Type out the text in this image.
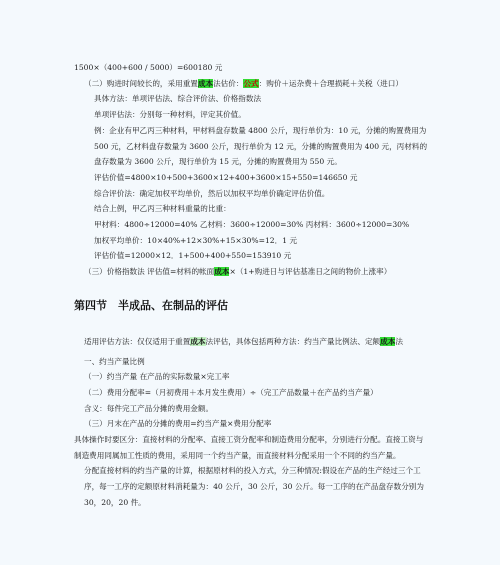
1500×（400+600 / 5000）=600180 元
（二）购进时间较长的，采用重置成本法估价：公式：购价＋运杂费＋合理损耗＋关税（进口）
具体方法：单项评估法、综合评价法、价格指数法
单项评估法：分别每一种材料，评定其价值。
例：企业有甲乙丙三种材料，甲材料盘存数量 4800 公斤，现行单价为：10 元，分摊的购置费用为 500 元，乙材料盘存数量为 3600 公斤，现行单价为 12 元，分摊的购置费用为 400 元，丙材料的盘存数量为 3600 公斤，现行单价为 15 元，分摊的购置费用为 550 元。
评估价值=4800×10+500+3600×12+400+3600×15+550=146650 元
综合评价法：确定加权平均单价，然后以加权平均单价确定评估价值。
结合上例，甲乙丙三种材料重量的比重：
甲材料：4800÷12000=40% 乙材料：3600÷12000=30% 丙材料：3600÷12000=30%
加权平均单价：10×40%+12×30%+15×30%=12．1 元
评估价值=12000×12．1+500+400+550=153910 元
（三）价格指数法 评估值=材料的帐面成本×（1+购进日与评估基准日之间的物价上涨率）
第四节　半成品、在制品的评估
适用评估方法：仅仅适用于重置成本法评估，具体包括两种方法：约当产量比例法、定额成本法
一、约当产量比例
（一）约当产量 在产品的实际数量×完工率
（二）费用分配率=（月初费用＋本月发生费用）÷（完工产品数量＋在产品约当产量）
含义：每件完工产品分摊的费用金额。
（三）月末在产品的分摊的费用=约当产量×费用分配率
具体操作时要区分：直接材料的分配率、直接工资分配率和制造费用分配率，分别进行分配。直接工资与制造费用同属加工性质的费用，采用同一个约当产量，而直接材料分配采用一个不同的约当产量。
分配直接材料的约当产量的计算，根据原材料的投入方式，分三种情况:假设在产品的生产经过三个工序，每一工序的定额原材料消耗量为：40 公斤，30 公斤，30 公斤。每一工序的在产品盘存数分别为 30，20，20 件。
